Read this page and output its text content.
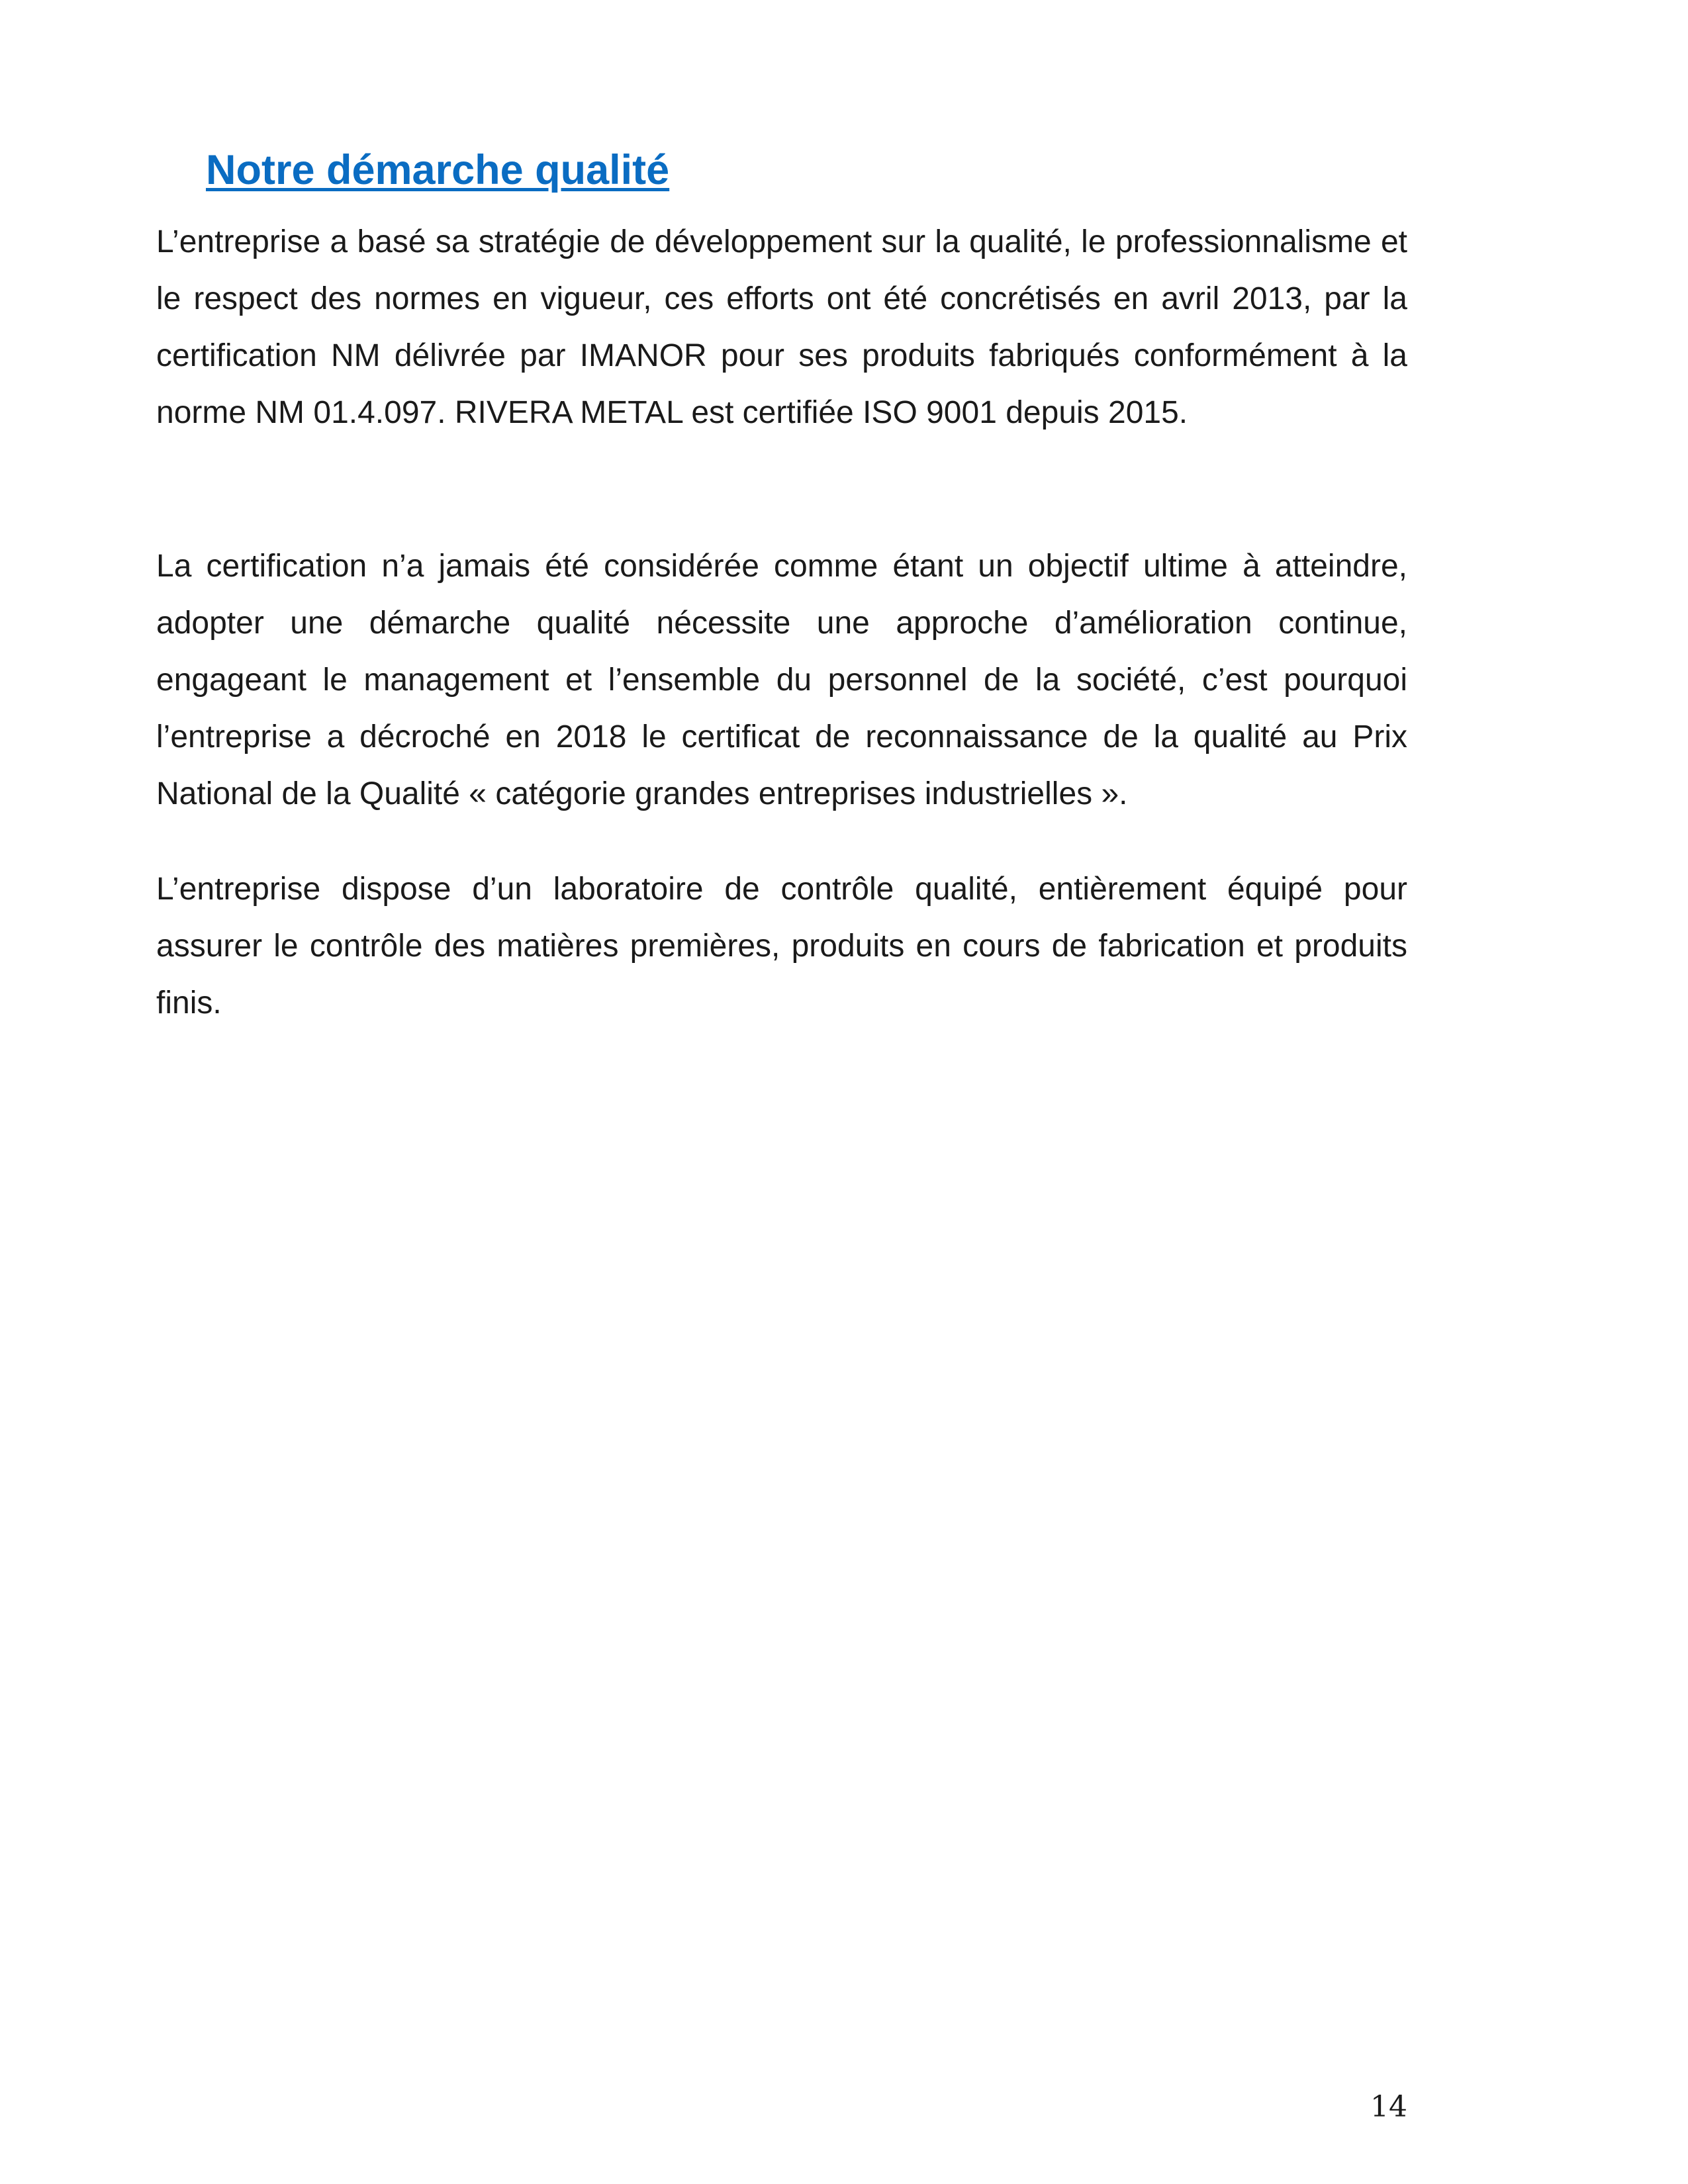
Notre démarche qualité

L’entreprise a basé sa stratégie de développement sur la qualité, le professionnalisme et le respect des normes en vigueur, ces efforts ont été concrétisés en avril 2013, par la certification NM délivrée par IMANOR pour ses produits fabriqués conformément à la norme NM 01.4.097. RIVERA METAL est certifiée ISO 9001 depuis 2015.

La certification n’a jamais été considérée comme étant un objectif ultime à atteindre, adopter une démarche qualité nécessite une approche d’amélioration continue, engageant le management et l’ensemble du personnel de la société, c’est pourquoi l’entreprise a décroché en 2018 le certificat de reconnaissance de la qualité au Prix National de la Qualité « catégorie grandes entreprises industrielles ».

L’entreprise dispose d’un laboratoire de contrôle qualité, entièrement équipé pour assurer le contrôle des matières premières, produits en cours de fabrication et produits finis.

14
